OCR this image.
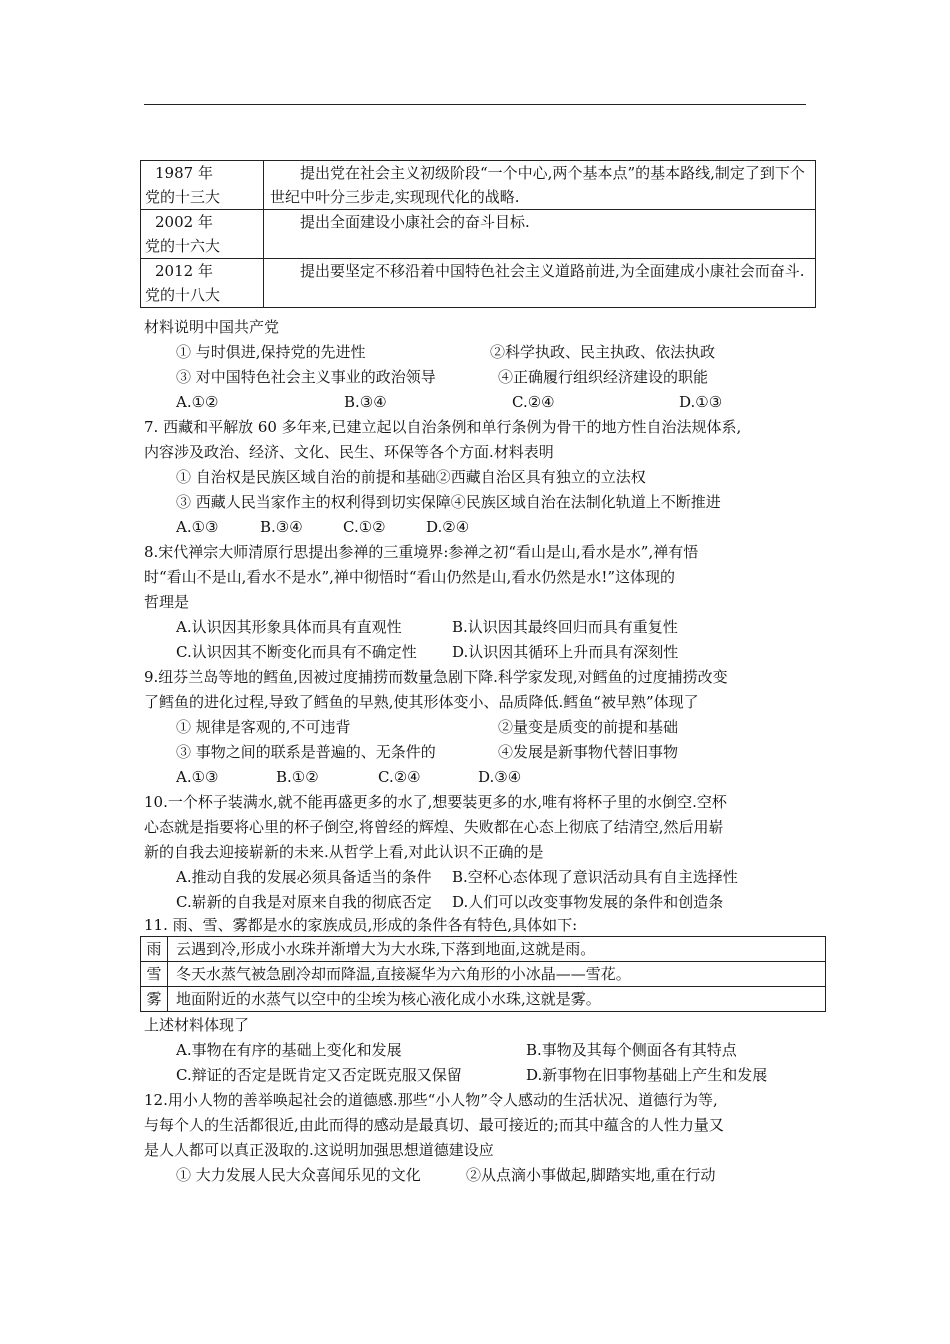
1987 年
党的十三大	提出党在社会主义初级阶段“一个中心,两个基本点”的基本路线,制定了到下个世纪中叶分三步走,实现现代化的战略.

2002 年
党的十六大	提出全面建设小康社会的奋斗目标.

2012 年
党的十八大	提出要坚定不移沿着中国特色社会主义道路前进,为全面建成小康社会而奋斗.
材料说明中国共产党
① 与时俱进,保持党的先进性	②科学执政、民主执政、依法执政
③ 对中国特色社会主义事业的政治领导	④正确履行组织经济建设的职能
A.①②	B.③④	C.②④	D.①③
7. 西藏和平解放 60 多年来,已建立起以自治条例和单行条例为骨干的地方性自治法规体系,
内容涉及政治、经济、文化、民生、环保等各个方面.材料表明
① 自治权是民族区域自治的前提和基础②西藏自治区具有独立的立法权
③ 西藏人民当家作主的权利得到切实保障④民族区域自治在法制化轨道上不断推进
A.①③	B.③④	C.①②	D.②④
8.宋代禅宗大师清原行思提出参禅的三重境界:参禅之初“看山是山,看水是水”,禅有悟
时“看山不是山,看水不是水”,禅中彻悟时“看山仍然是山,看水仍然是水!”这体现的
哲理是
A.认识因其形象具体而具有直观性	B.认识因其最终回归而具有重复性
C.认识因其不断变化而具有不确定性 D.认识因其循环上升而具有深刻性
9.纽芬兰岛等地的鳕鱼,因被过度捕捞而数量急剧下降.科学家发现,对鳕鱼的过度捕捞改变
了鳕鱼的进化过程,导致了鳕鱼的早熟,使其形体变小、品质降低.鳕鱼“被早熟”体现了
① 规律是客观的,不可违背	②量变是质变的前提和基础
③ 事物之间的联系是普遍的、无条件的	④发展是新事物代替旧事物
A.①③	B.①②	C.②④	D.③④
10.一个杯子装满水,就不能再盛更多的水了,想要装更多的水,唯有将杯子里的水倒空.空杯
心态就是指要将心里的杯子倒空,将曾经的辉煌、失败都在心态上彻底了结清空,然后用崭
新的自我去迎接崭新的未来.从哲学上看,对此认识不正确的是
A.推动自我的发展必须具备适当的条件 B.空杯心态体现了意识活动具有自主选择性
C.崭新的自我是对原来自我的彻底否定 D.人们可以改变事物发展的条件和创造条
11. 雨、雪、雾都是水的家族成员,形成的条件各有特色,具体如下:
雨	云遇到冷,形成小水珠并渐增大为大水珠,下落到地面,这就是雨。
雪	冬天水蒸气被急剧冷却而降温,直接凝华为六角形的小冰晶——雪花。
雾	地面附近的水蒸气以空中的尘埃为核心液化成小水珠,这就是雾。
上述材料体现了
A.事物在有序的基础上变化和发展	B.事物及其每个侧面各有其特点
C.辩证的否定是既肯定又否定既克服又保留	D.新事物在旧事物基础上产生和发展
12.用小人物的善举唤起社会的道德感.那些“小人物”令人感动的生活状况、道德行为等,
与每个人的生活都很近,由此而得的感动是最真切、最可接近的;而其中蕴含的人性力量又
是人人都可以真正汲取的.这说明加强思想道德建设应
① 大力发展人民大众喜闻乐见的文化	②从点滴小事做起,脚踏实地,重在行动
